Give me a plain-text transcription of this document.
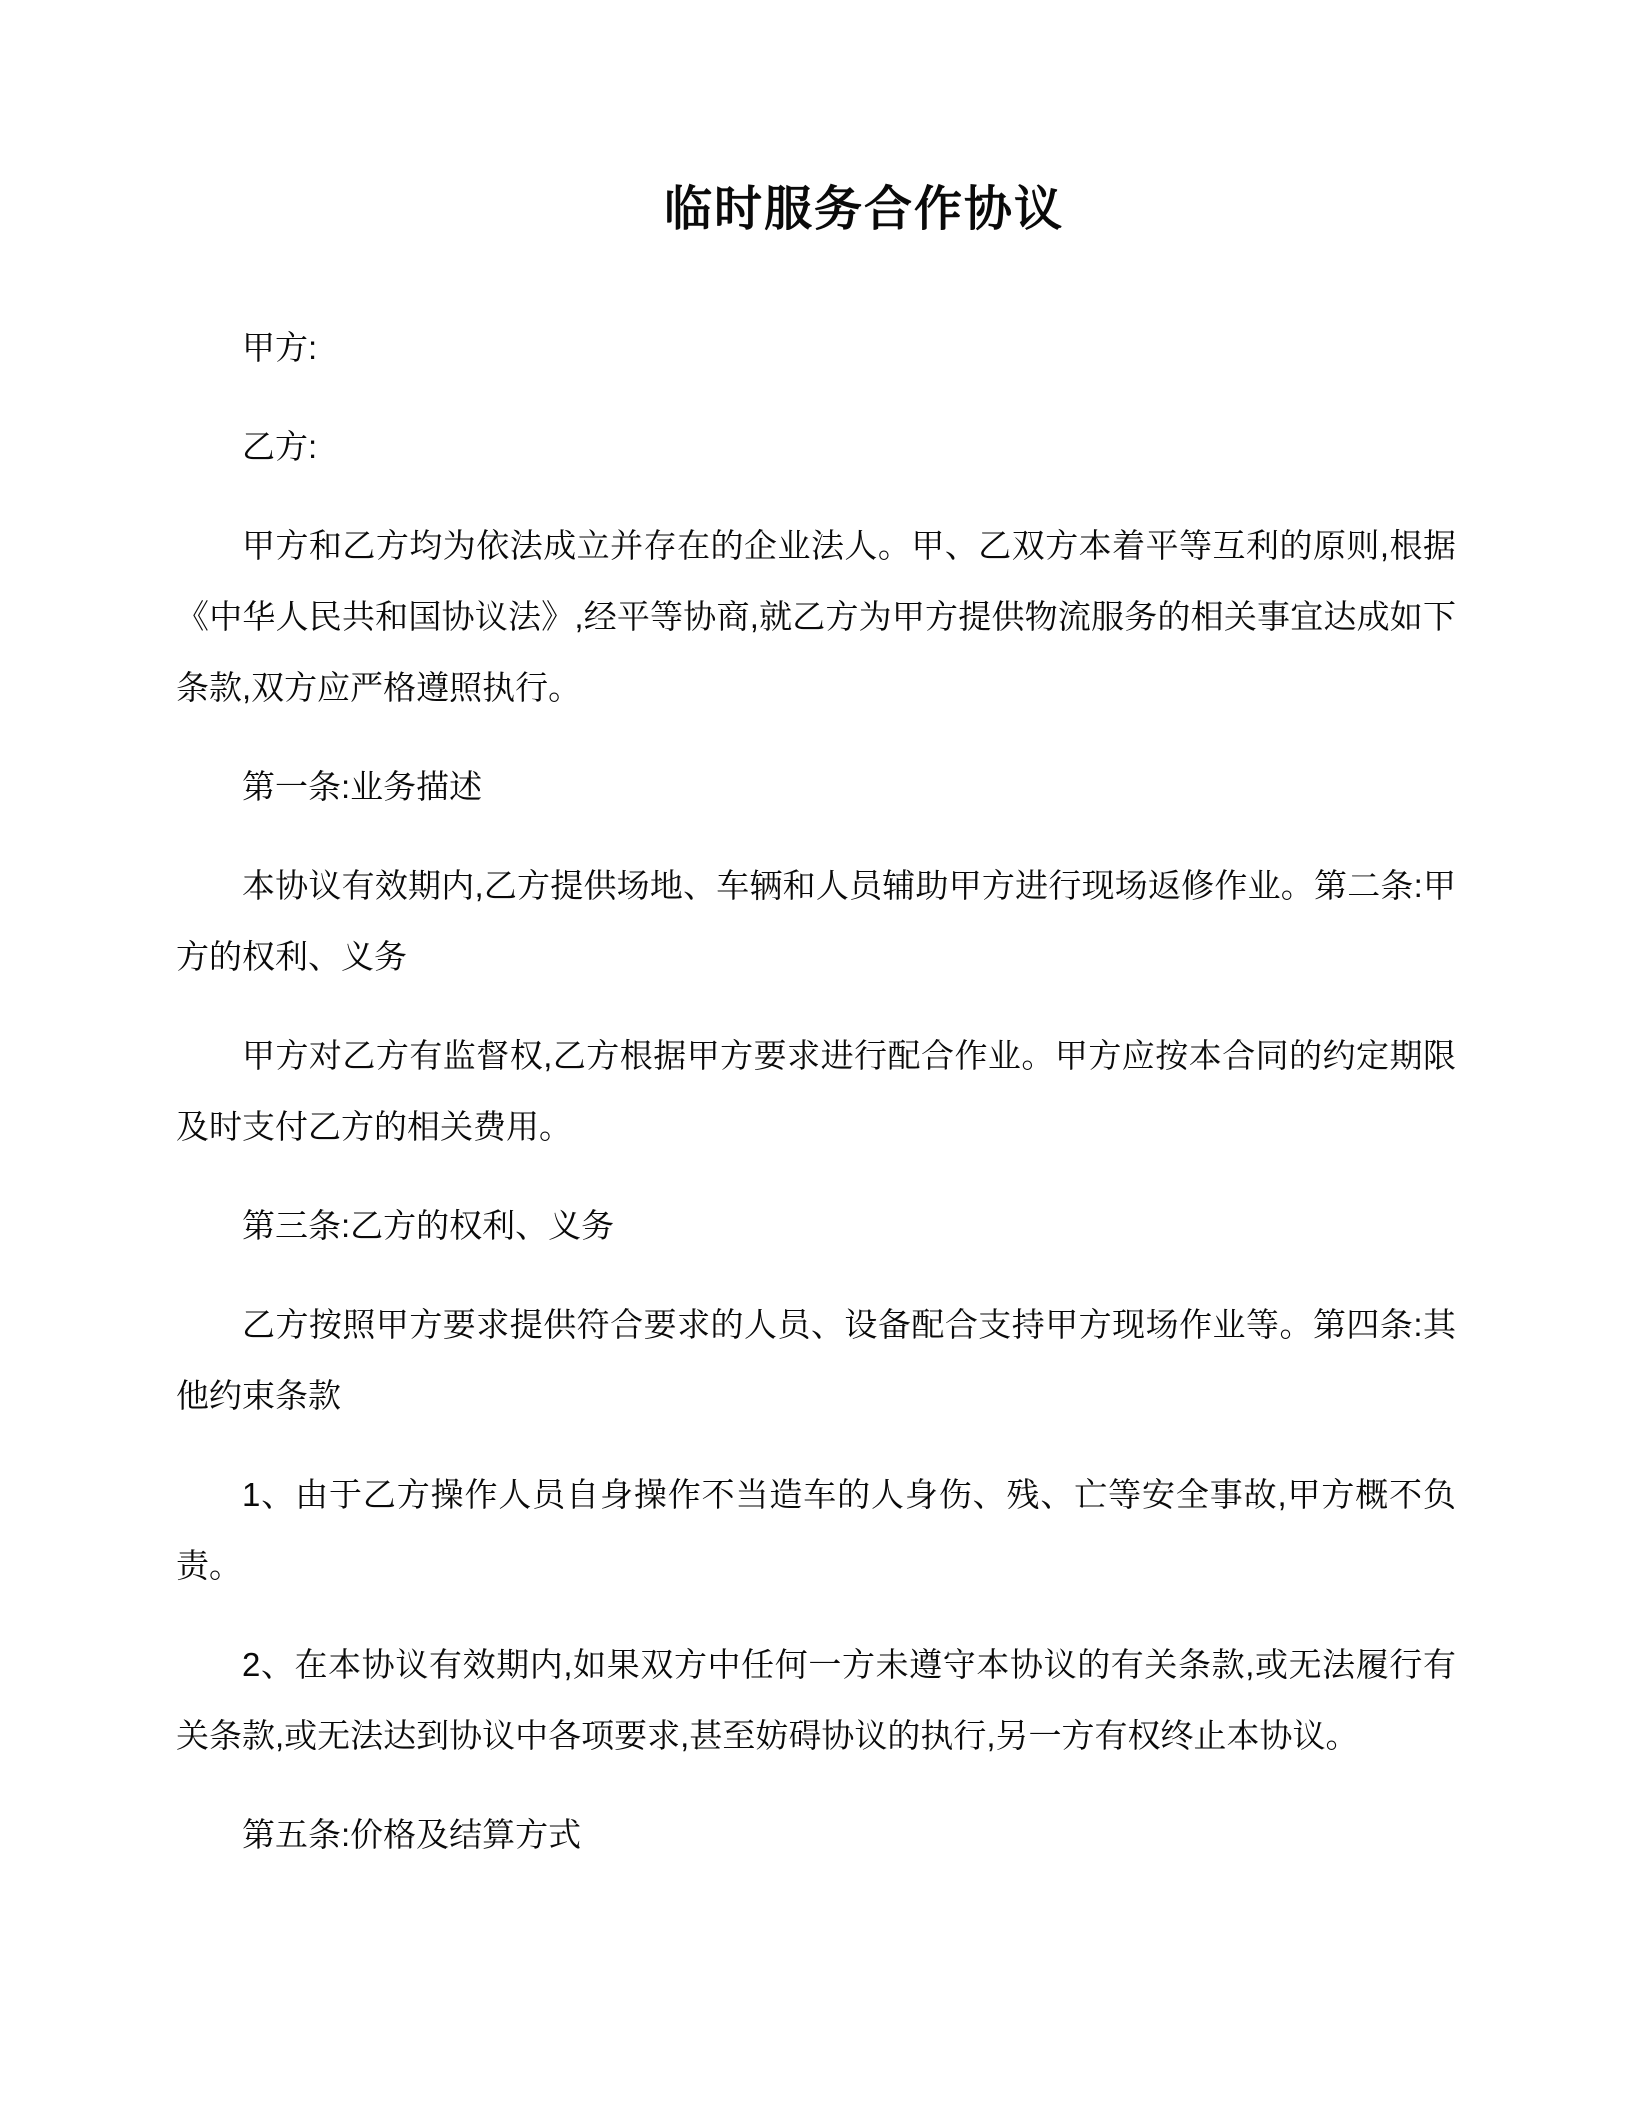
临时服务合作协议

甲方:

乙方:

甲方和乙方均为依法成立并存在的企业法人。甲、乙双方本着平等互利的原则,根据《中华人民共和国协议法》,经平等协商,就乙方为甲方提供物流服务的相关事宜达成如下条款,双方应严格遵照执行。

第一条:业务描述

本协议有效期内,乙方提供场地、车辆和人员辅助甲方进行现场返修作业。第二条:甲方的权利、义务

甲方对乙方有监督权,乙方根据甲方要求进行配合作业。甲方应按本合同的约定期限及时支付乙方的相关费用。

第三条:乙方的权利、义务

乙方按照甲方要求提供符合要求的人员、设备配合支持甲方现场作业等。第四条:其他约束条款

1、由于乙方操作人员自身操作不当造车的人身伤、残、亡等安全事故,甲方概不负责。

2、在本协议有效期内,如果双方中任何一方未遵守本协议的有关条款,或无法履行有关条款,或无法达到协议中各项要求,甚至妨碍协议的执行,另一方有权终止本协议。

第五条:价格及结算方式
